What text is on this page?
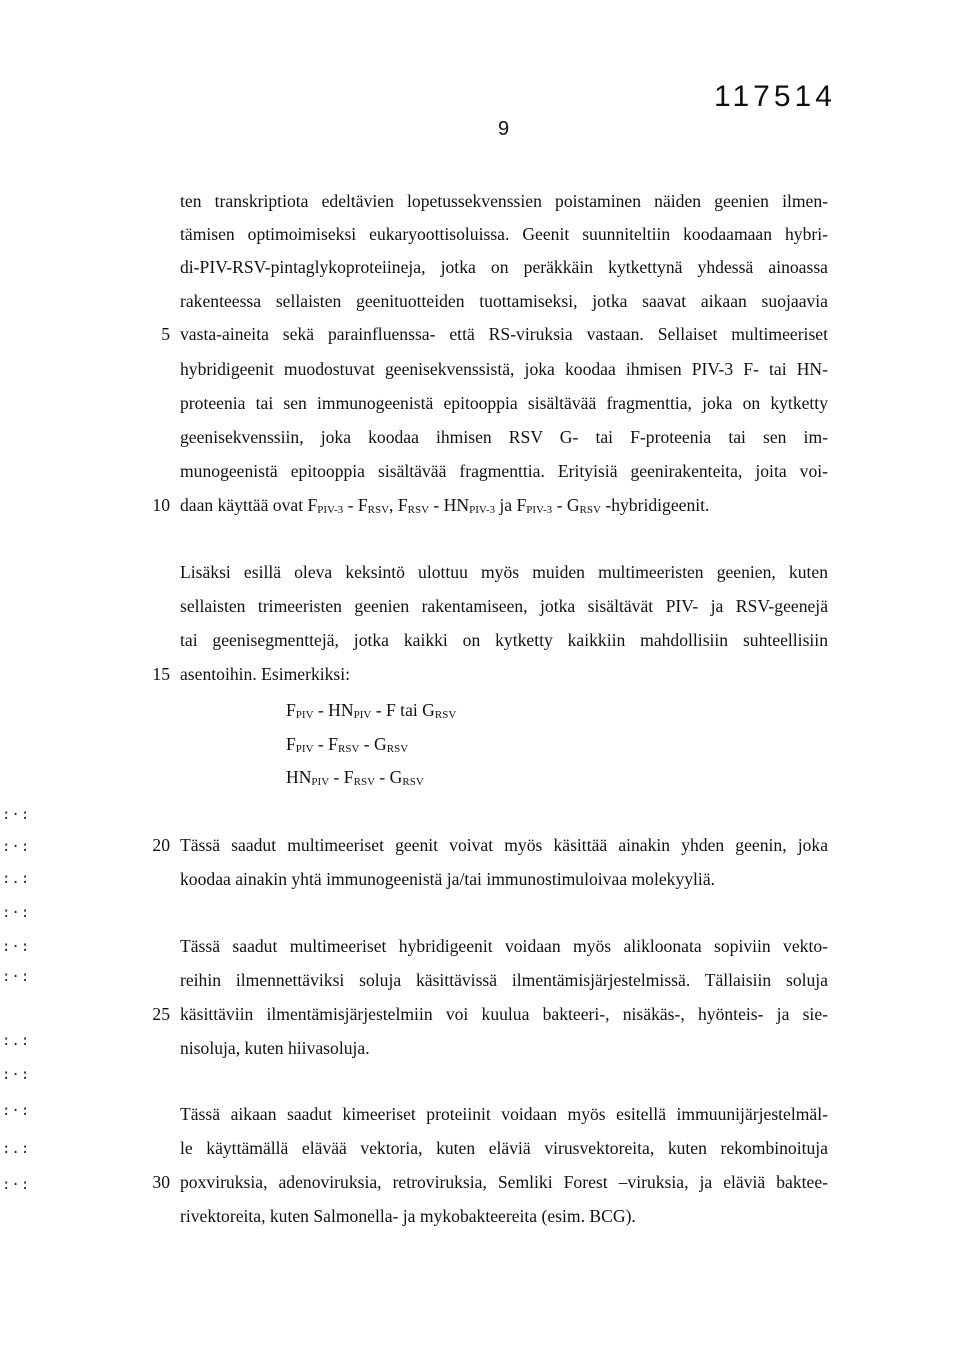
117514
9
ten transkriptiota edeltävien lopetussekvenssien poistaminen näiden geenien ilmen-
tämisen optimoimiseksi eukaryoottisoluissa. Geenit suunniteltiin koodaamaan hybri-
di-PIV-RSV-pintaglykoproteiineja, jotka on peräkkäin kytkettynä yhdessä ainoassa
rakenteessa sellaisten geenituotteiden tuottamiseksi, jotka saavat aikaan suojaavia
5 vasta-aineita sekä parainfluenssa- että RS-viruksia vastaan. Sellaiset multimeeriset
hybridigeenit muodostuvat geenisekvenssistä, joka koodaa ihmisen PIV-3 F- tai HN-
proteenia tai sen immunogeenistä epitooppia sisältävää fragmenttia, joka on kytketty
geenisekvenssiin, joka koodaa ihmisen RSV G- tai F-proteenia tai sen im-
munogeenistä epitooppia sisältävää fragmenttia. Erityisiä geenirakenteita, joita voi-
10 daan käyttää ovat $F_{PIV-3} - F_{RSV}$, $F_{RSV} - HN_{PIV-3}$ ja $F_{PIV-3} - G_{RSV}$ -hybridigeenit.
Lisäksi esillä oleva keksintö ulottuu myös muiden multimeeristen geenien, kuten
sellaisten trimeeristen geenien rakentamiseen, jotka sisältävät PIV- ja RSV-geenejä
tai geenisegmenttejä, jotka kaikki on kytketty kaikkiin mahdollisiin suhteellisiin
15 asentoihin. Esimerkiksi:
$F_{PIV} - HN_{PIV}$ - F tai $G_{RSV}$
$F_{PIV} - F_{RSV} - G_{RSV}$
$HN_{PIV} - F_{RSV} - G_{RSV}$
20 Tässä saadut multimeeriset geenit voivat myös käsittää ainakin yhden geenin, joka
koodaa ainakin yhtä immunogeenistä ja/tai immunostimuloivaa molekyyliä.
Tässä saadut multimeeriset hybridigeenit voidaan myös alikloonata sopiviin vekto-
reihin ilmennettäviksi soluja käsittävissä ilmentämisjärjestelmissä. Tällaisiin soluja
25 käsittäviin ilmentämisjärjestelmiin voi kuulua bakteeri-, nisäkäs-, hyönteis- ja sie-
nisoluja, kuten hiivasoluja.
Tässä aikaan saadut kimeeriset proteiinit voidaan myös esitellä immuunijärjestelmäl-
le käyttämällä elävää vektoria, kuten eläviä virusvektoreita, kuten rekombinoituja
30 poxviruksia, adenoviruksia, retroviruksia, Semliki Forest –viruksia, ja eläviä baktee-
rivektoreita, kuten Salmonella- ja mykobakteereita (esim. BCG).
:·:
:·:
:.:
:·:
:·:
:·:
:.:
:·:
:·:
:.:
:·:
